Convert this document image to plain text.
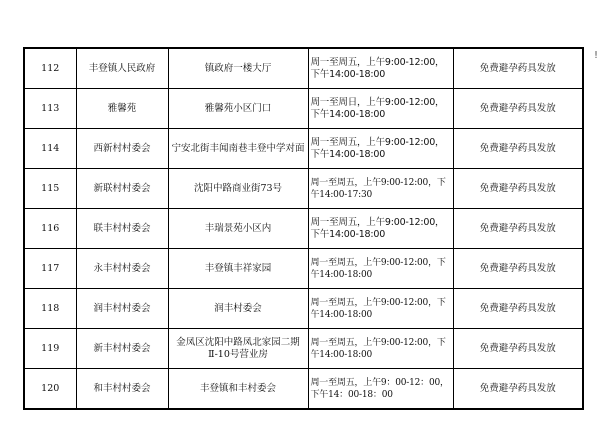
!
112	丰登镇人民政府	镇政府一楼大厅	周一至周五，上午9:00-12:00，下午14:00-18:00	免费避孕药具发放
113	雅馨苑	雅馨苑小区门口	周一至周日，上午9:00-12:00，下午14:00-18:00	免费避孕药具发放
114	西新村村委会	宁安北街丰闻南巷丰登中学对面	周一至周五，上午9:00-12:00，下午14:00-18:00	免费避孕药具发放
115	新联村村委会	沈阳中路商业街73号	周一至周五，上午9:00-12:00，下午14:00-17:30	免费避孕药具发放
116	联丰村村委会	丰瑞景苑小区内	周一至周五，上午9:00-12:00，下午14:00-18:00	免费避孕药具发放
117	永丰村村委会	丰登镇丰祥家园	周一至周五，上午9:00-12:00，下午14:00-18:00	免费避孕药具发放
118	润丰村村委会	润丰村委会	周一至周五，上午9:00-12:00，下午14:00-18:00	免费避孕药具发放
119	新丰村村委会	金凤区沈阳中路凤北家园二期Ⅱ-10号营业房	周一至周五，上午9:00-12:00，下午14:00-18:00	免费避孕药具发放
120	和丰村村委会	丰登镇和丰村委会	周一至周五，上午9：00-12：00，下午14：00-18：00	免费避孕药具发放
